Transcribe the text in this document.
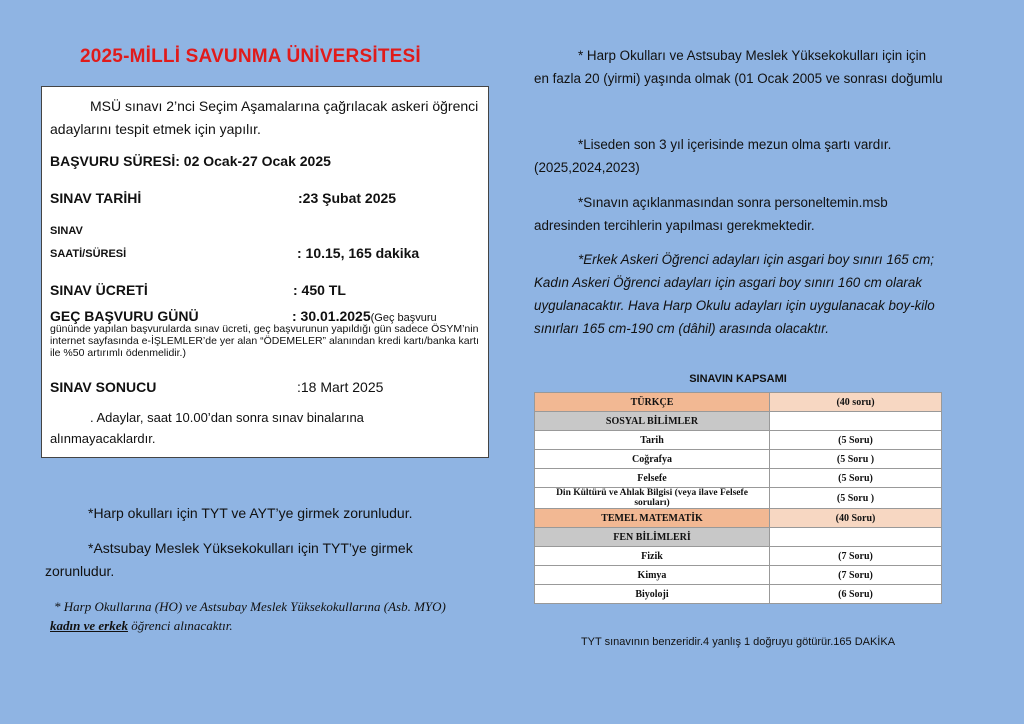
2025-MİLLİ SAVUNMA ÜNİVERSİTESİ
MSÜ sınavı 2’nci Seçim Aşamalarına çağrılacak askeri öğrenci adaylarını tespit etmek için yapılır.
BAŞVURU SÜRESİ: 02 Ocak-27 Ocak 2025
SINAV TARİHİ	:23 Şubat 2025
SINAV
SAATİ/SÜRESİ	: 10.15, 165 dakika
SINAV ÜCRETİ	: 450 TL
GEÇ BAŞVURU GÜNÜ	: 30.01.2025(Geç başvuru
gününde yapılan başvurularda sınav ücreti, geç başvurunun yapıldığı gün sadece ÖSYM’nin internet sayfasında e-İŞLEMLER’de yer alan “ÖDEMELER” alanından kredi kartı/banka kartı ile %50 artırımlı ödenmelidir.)
SINAV SONUCU	:18 Mart 2025
. Adaylar, saat 10.00’dan sonra sınav binalarına alınmayacaklardır.
*Harp okulları için TYT ve AYT’ye girmek zorunludur.
*Astsubay Meslek Yüksekokulları için TYT’ye girmek zorunludur.
* Harp Okullarına (HO) ve Astsubay Meslek Yüksekokullarına (Asb. MYO) kadın ve erkek öğrenci alınacaktır.
* Harp Okulları ve Astsubay Meslek Yüksekokulları için için en fazla 20 (yirmi) yaşında olmak (01 Ocak 2005 ve sonrası doğumlu
*Liseden son 3 yıl içerisinde mezun olma şartı vardır.(2025,2024,2023)
*Sınavın açıklanmasından sonra personeltemin.msb adresinden tercihlerin yapılması gerekmektedir.
*Erkek Askeri Öğrenci adayları için asgari boy sınırı 165 cm; Kadın Askeri Öğrenci adayları için asgari boy sınırı 160 cm olarak uygulanacaktır. Hava Harp Okulu adayları için uygulanacak boy-kilo sınırları 165 cm-190 cm (dâhil) arasında olacaktır.
SINAVIN KAPSAMI
TÜRKÇE	(40 soru)
SOSYAL BİLİMLER	
Tarih	(5 Soru)
Coğrafya	(5 Soru )
Felsefe	(5 Soru)
Din Kültürü ve Ahlak Bilgisi (veya ilave Felsefe soruları)	(5 Soru )
TEMEL MATEMATİK	(40 Soru)
FEN BİLİMLERİ	
Fizik	(7 Soru)
Kimya	(7 Soru)
Biyoloji	(6 Soru)
TYT sınavının benzeridir.4 yanlış 1 doğruyu götürür.165 DAKİKA
